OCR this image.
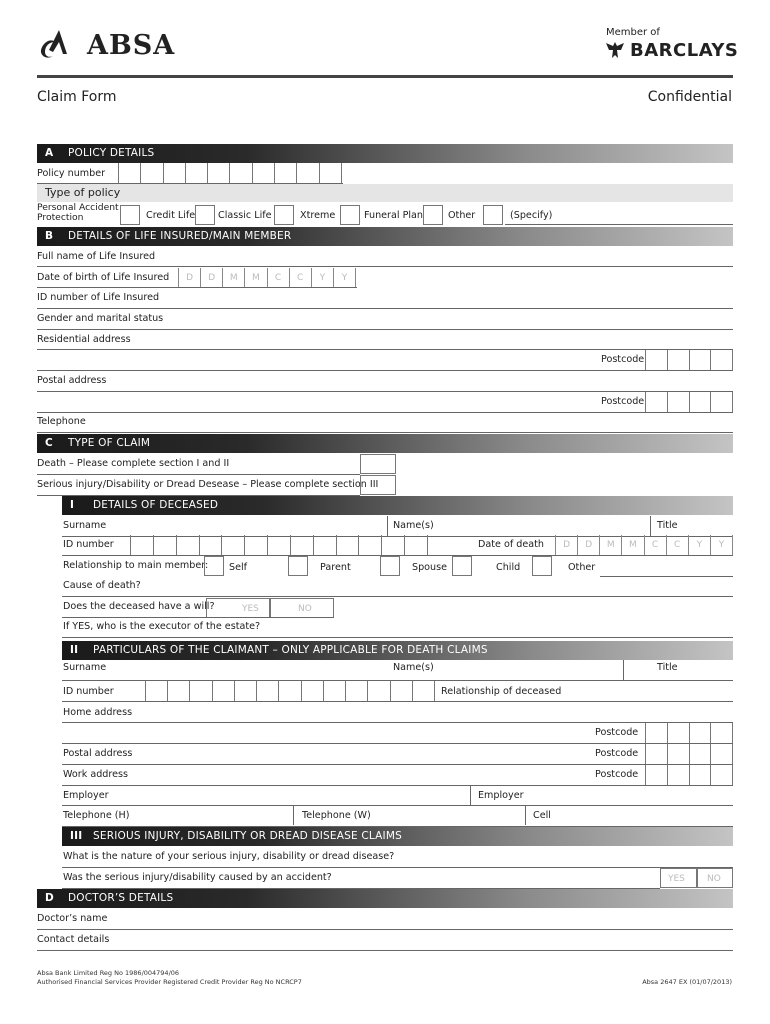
ABSA	Member of
BARCLAYS
Claim Form	Confidential
A POLICY DETAILS
Policy number
Type of policy
Personal Accident
Protection	Credit Life Classic Life	Xtreme	Funeral Plan	Other	(Specify)
B DETAILS OF LIFE INSURED/MAIN MEMBER
Full name of Life Insured
Date of birth of Life Insured	D	D	M	M	C	C	Y	Y
ID number of Life Insured
Gender and marital status
Residential address
Postcode
Postal address
Postcode
Telephone
C TYPE OF CLAIM
Death – Please complete section I and II
Serious injury/Disability or Dread Desease – Please complete section III
I DETAILS OF DECEASED
Surname	Name(s)	Title
ID number	Date of death	D	D	M	M	C	C	Y	Y
Relationship to main member: Self	Parent	Spouse	Child	Other
Cause of death?
Does the deceased have a will?	YES	NO
If YES, who is the executor of the estate?
II PARTICULARS OF THE CLAIMANT – ONLY APPLICABLE FOR DEATH CLAIMS
Surname	Name(s)	Title
ID number	Relationship of deceased
Home address
Postcode
Postal address	Postcode
Work address	Postcode
Employer	Employer
Telephone (H)	Telephone (W)	Cell
III SERIOUS INJURY, DISABILITY OR DREAD DISEASE CLAIMS
What is the nature of your serious injury, disability or dread disease?
Was the serious injury/disability caused by an accident?	YES NO
D DOCTOR’S DETAILS
Doctor’s name
Contact details
Absa Bank Limited Reg No 1986/004794/06
Authorised Financial Services Provider Registered Credit Provider Reg No NCRCP7	Absa 2647 EX (01/07/2013)
